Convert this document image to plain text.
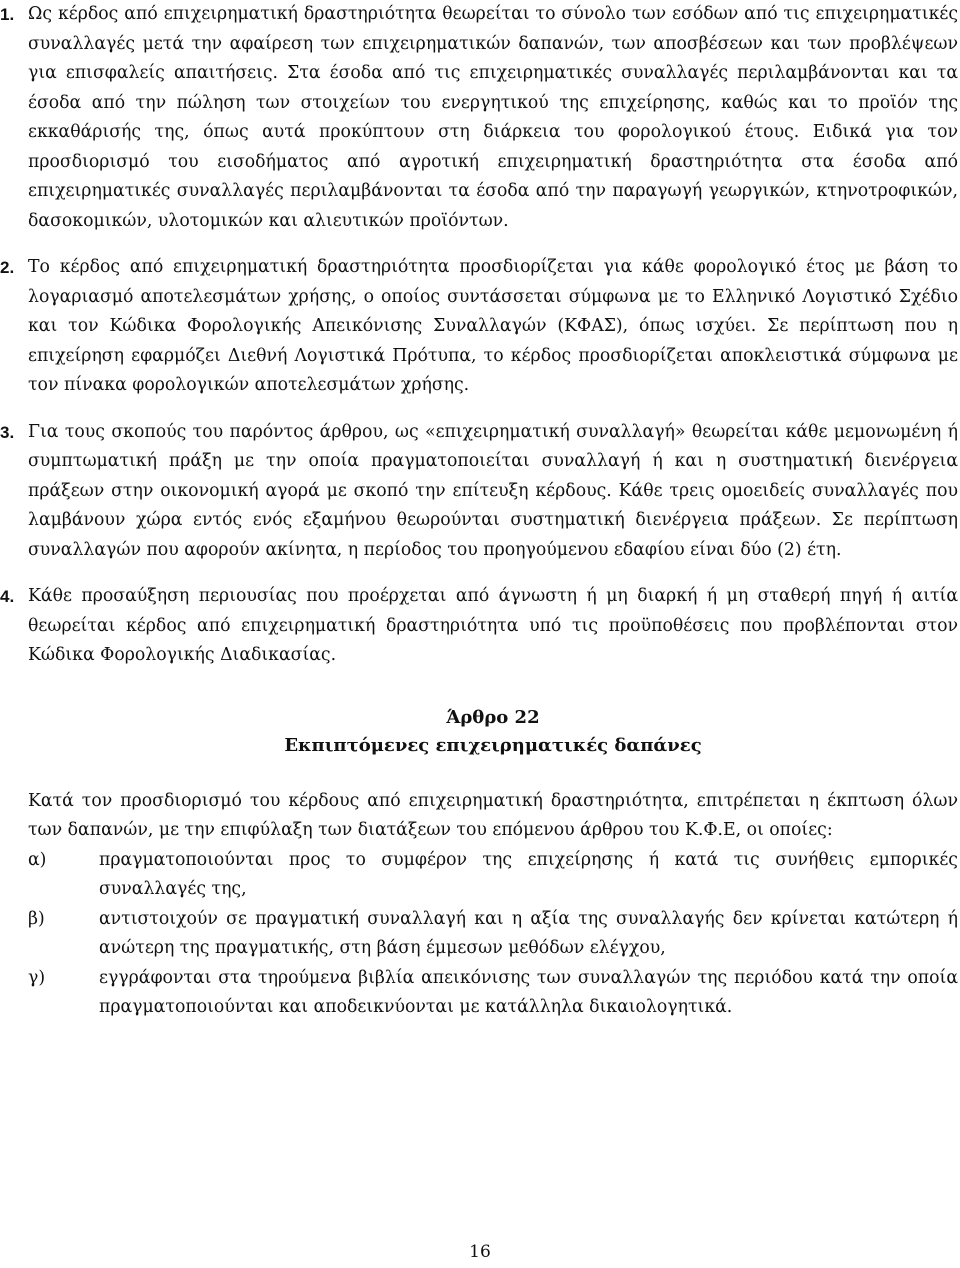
1. Ως κέρδος από επιχειρηματική δραστηριότητα θεωρείται το σύνολο των εσόδων από τις επιχειρηματικές συναλλαγές μετά την αφαίρεση των επιχειρηματικών δαπανών, των αποσβέσεων και των προβλέψεων για επισφαλείς απαιτήσεις. Στα έσοδα από τις επιχειρηματικές συναλλαγές περιλαμβάνονται και τα έσοδα από την πώληση των στοιχείων του ενεργητικού της επιχείρησης, καθώς και το προϊόν της εκκαθάρισής της, όπως αυτά προκύπτουν στη διάρκεια του φορολογικού έτους. Ειδικά για τον προσδιορισμό του εισοδήματος από αγροτική επιχειρηματική δραστηριότητα στα έσοδα από επιχειρηματικές συναλλαγές περιλαμβάνονται τα έσοδα από την παραγωγή γεωργικών, κτηνοτροφικών, δασοκομικών, υλοτομικών και αλιευτικών προϊόντων.

2. Το κέρδος από επιχειρηματική δραστηριότητα προσδιορίζεται για κάθε φορολογικό έτος με βάση το λογαριασμό αποτελεσμάτων χρήσης, ο οποίος συντάσσεται σύμφωνα με το Ελληνικό Λογιστικό Σχέδιο και τον Κώδικα Φορολογικής Απεικόνισης Συναλλαγών (ΚΦΑΣ), όπως ισχύει. Σε περίπτωση που η επιχείρηση εφαρμόζει Διεθνή Λογιστικά Πρότυπα, το κέρδος προσδιορίζεται αποκλειστικά σύμφωνα με τον πίνακα φορολογικών αποτελεσμάτων χρήσης.

3. Για τους σκοπούς του παρόντος άρθρου, ως «επιχειρηματική συναλλαγή» θεωρείται κάθε μεμονωμένη ή συμπτωματική πράξη με την οποία πραγματοποιείται συναλλαγή ή και η συστηματική διενέργεια πράξεων στην οικονομική αγορά με σκοπό την επίτευξη κέρδους. Κάθε τρεις ομοειδείς συναλλαγές που λαμβάνουν χώρα εντός ενός εξαμήνου θεωρούνται συστηματική διενέργεια πράξεων. Σε περίπτωση συναλλαγών που αφορούν ακίνητα, η περίοδος του προηγούμενου εδαφίου είναι δύο (2) έτη.

4. Κάθε προσαύξηση περιουσίας που προέρχεται από άγνωστη ή μη διαρκή ή μη σταθερή πηγή ή αιτία θεωρείται κέρδος από επιχειρηματική δραστηριότητα υπό τις προϋποθέσεις που προβλέπονται στον Κώδικα Φορολογικής Διαδικασίας.

Άρθρο 22
Εκπιπτόμενες επιχειρηματικές δαπάνες

Κατά τον προσδιορισμό του κέρδους από επιχειρηματική δραστηριότητα, επιτρέπεται η έκπτωση όλων των δαπανών, με την επιφύλαξη των διατάξεων του επόμενου άρθρου του Κ.Φ.Ε, οι οποίες:

α)	πραγματοποιούνται προς το συμφέρον της επιχείρησης ή κατά τις συνήθεις εμπορικές συναλλαγές της,
β)	αντιστοιχούν σε πραγματική συναλλαγή και η αξία της συναλλαγής δεν κρίνεται κατώτερη ή ανώτερη της πραγματικής, στη βάση έμμεσων μεθόδων ελέγχου,
γ)	εγγράφονται στα τηρούμενα βιβλία απεικόνισης των συναλλαγών της περιόδου κατά την οποία πραγματοποιούνται και αποδεικνύονται με κατάλληλα δικαιολογητικά.
16
